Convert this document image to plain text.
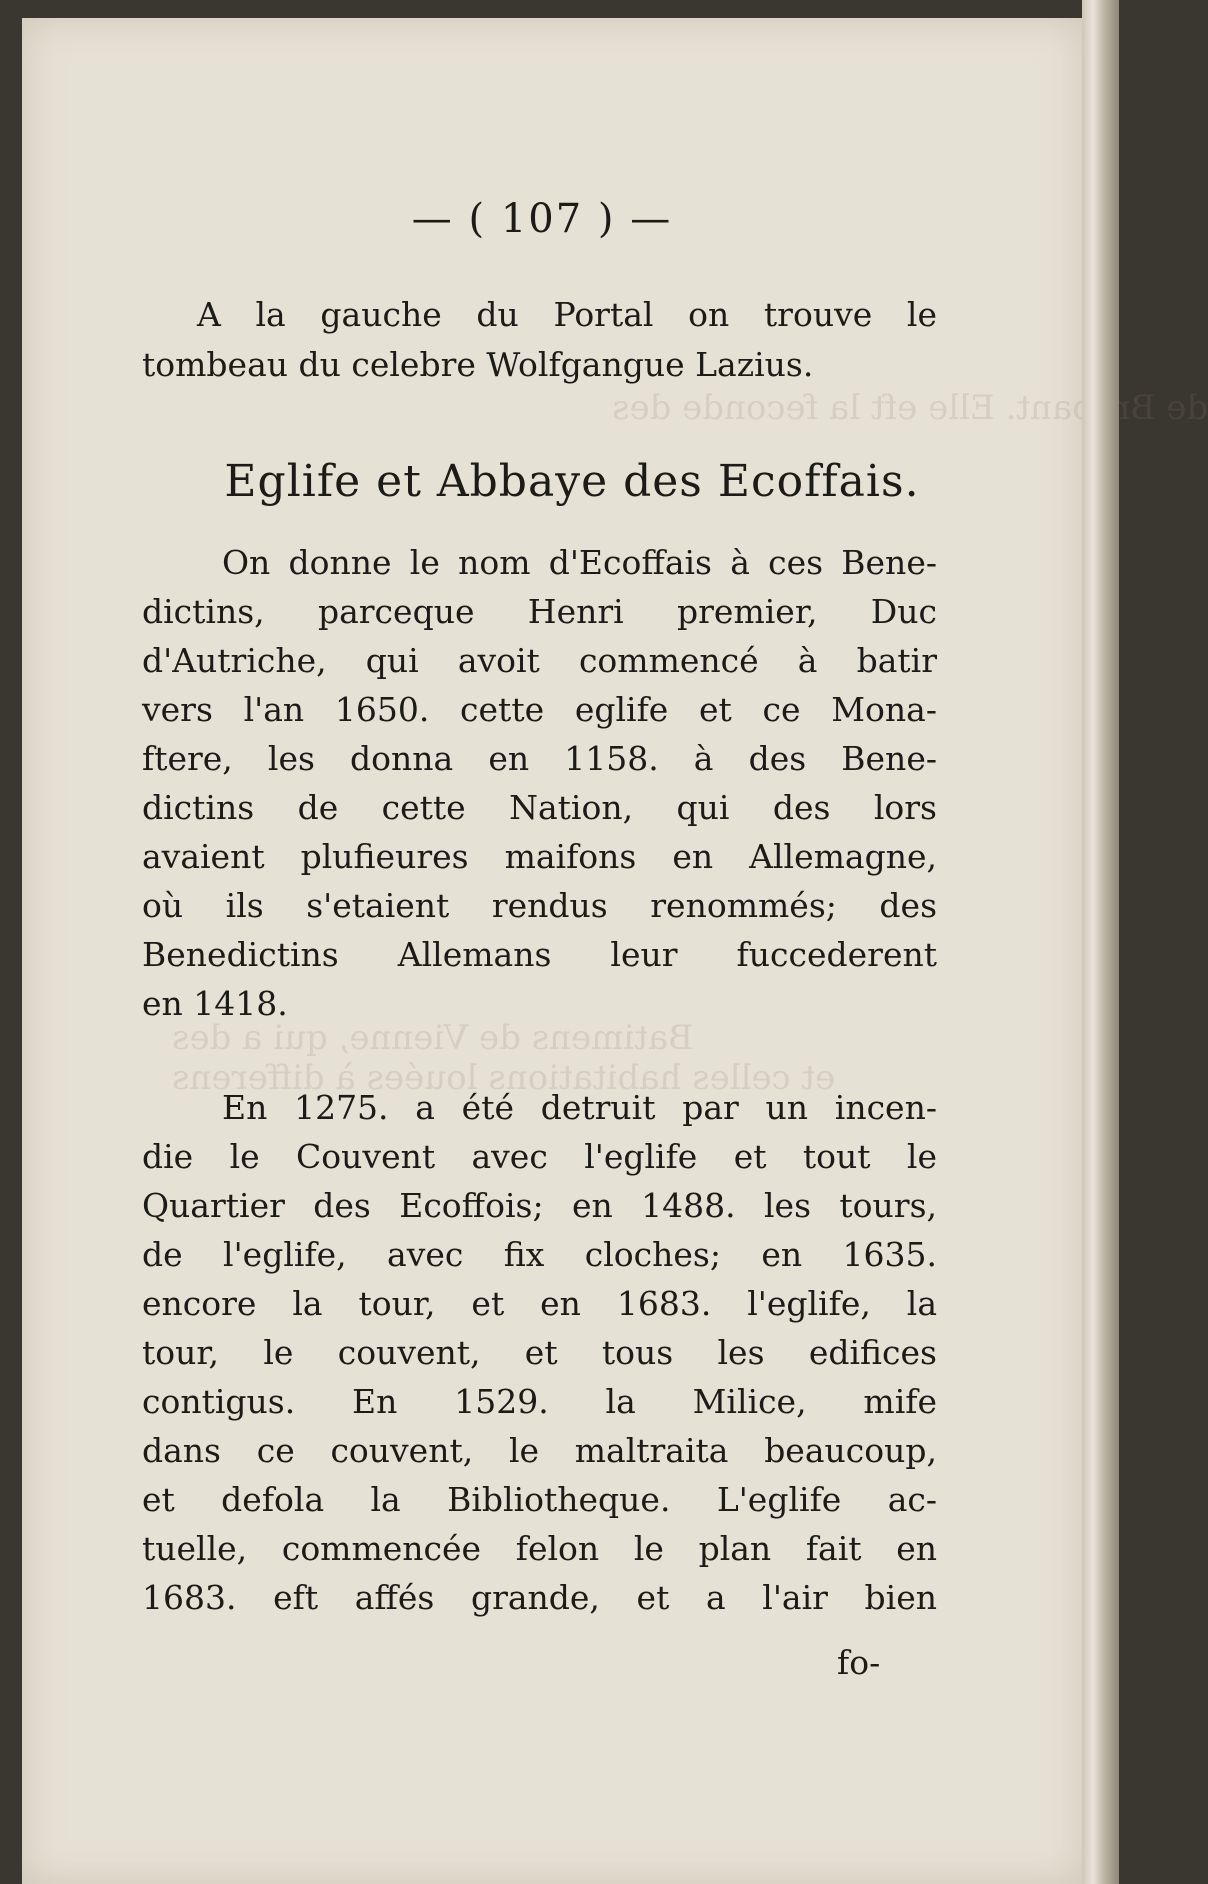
de Brabant. Elle eft la feconde des
Batimens de Vienne, qui a des
et celles habitations louées à differens
— ( 107 ) —
A la gauche du Portal on trouve le
tombeau du celebre Wolfgangue Lazius.
Eglife et Abbaye des Ecoffais.
On donne le nom d'Ecoffais à ces Bene-
dictins, parceque Henri premier, Duc
d'Autriche, qui avoit commencé à batir
vers l'an 1650. cette eglife et ce Mona-
ftere, les donna en 1158. à des Bene-
dictins de cette Nation, qui des lors
avaient plufieures maifons en Allemagne,
où ils s'etaient rendus renommés; des
Benedictins Allemans leur fuccederent
en 1418.
En 1275. a été detruit par un incen-
die le Couvent avec l'eglife et tout le
Quartier des Ecoffois; en 1488. les tours,
de l'eglife, avec fix cloches; en 1635.
encore la tour, et en 1683. l'eglife, la
tour, le couvent, et tous les edifices
contigus. En 1529. la Milice, mife
dans ce couvent, le maltraita beaucoup,
et defola la Bibliotheque. L'eglife ac-
tuelle, commencée felon le plan fait en
1683. eft affés grande, et a l'air bien
fo-
